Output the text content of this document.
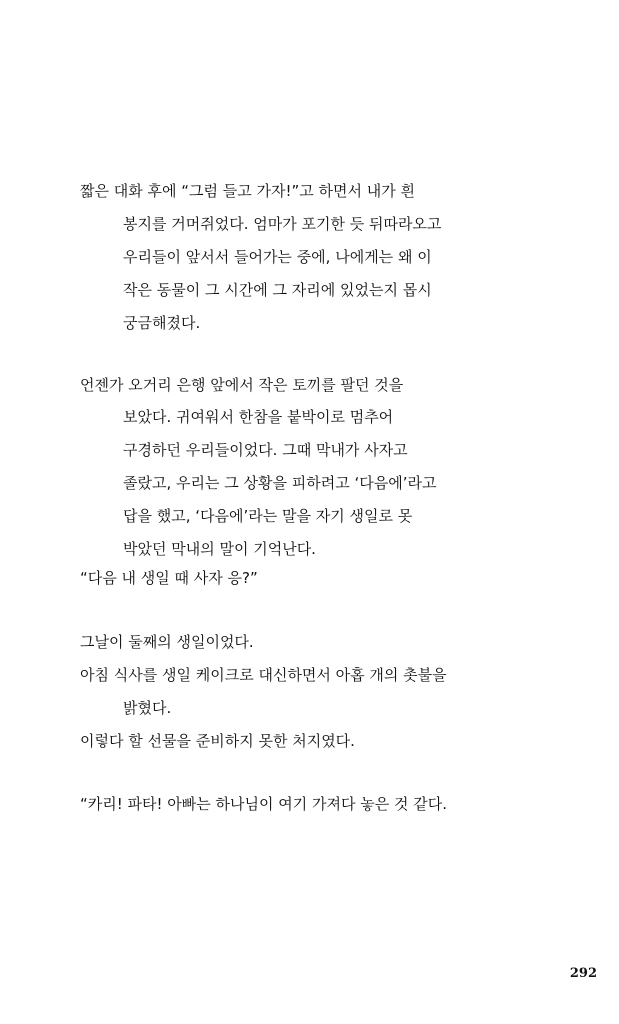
짧은 대화 후에 “그럼 들고 가자!”고 하면서 내가 흰
봉지를 거머쥐었다. 엄마가 포기한 듯 뒤따라오고
우리들이 앞서서 들어가는 중에, 나에게는 왜 이
작은 동물이 그 시간에 그 자리에 있었는지 몹시
궁금해졌다.
언젠가 오거리 은행 앞에서 작은 토끼를 팔던 것을
보았다. 귀여워서 한참을 붙박이로 멈추어
구경하던 우리들이었다. 그때 막내가 사자고
졸랐고, 우리는 그 상황을 피하려고 ‘다음에’라고
답을 했고, ‘다음에’라는 말을 자기 생일로 못
박았던 막내의 말이 기억난다.
“다음 내 생일 때 사자 응?”
그날이 둘째의 생일이었다.
아침 식사를 생일 케이크로 대신하면서 아홉 개의 촛불을
밝혔다.
이렇다 할 선물을 준비하지 못한 처지였다.
“카리! 파타! 아빠는 하나님이 여기 가져다 놓은 것 같다.
292
